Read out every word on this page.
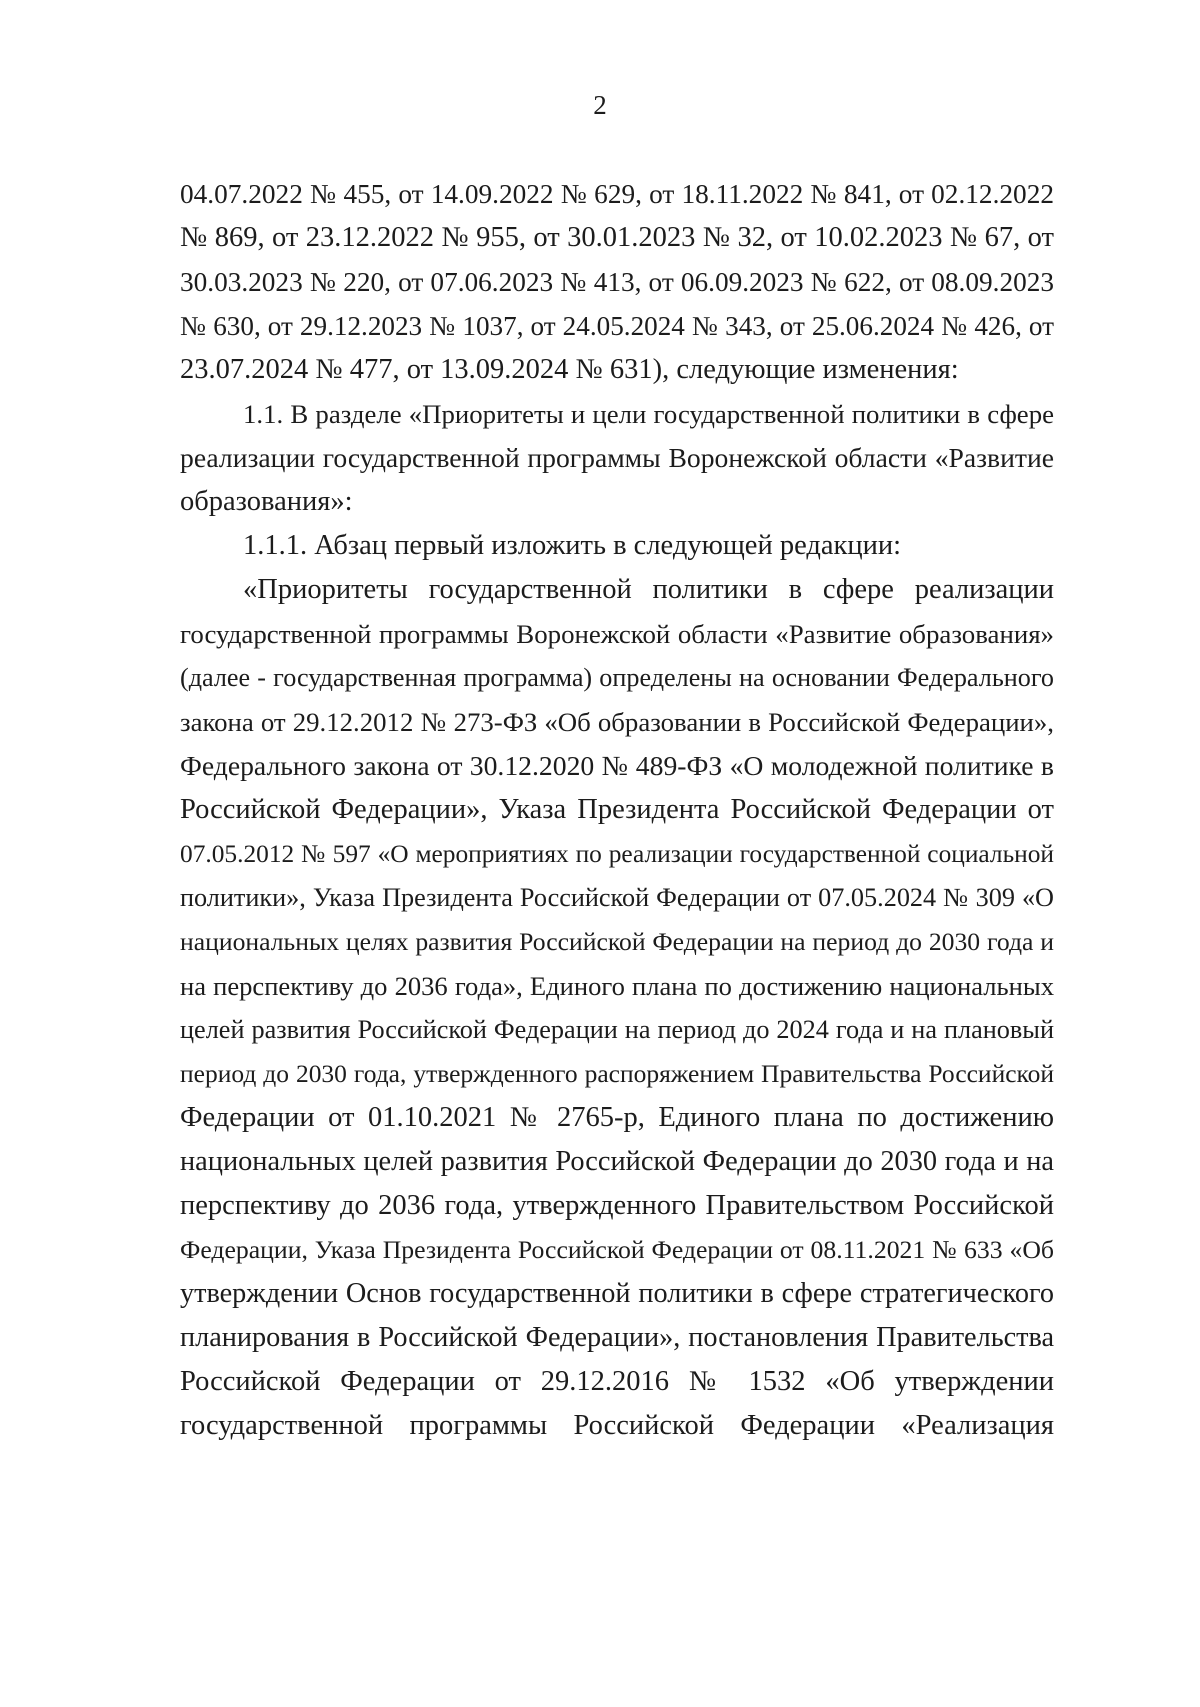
2
04.07.2022 № 455, от 14.09.2022 № 629, от 18.11.2022 № 841, от 02.12.2022
№ 869, от 23.12.2022 № 955, от 30.01.2023 № 32, от 10.02.2023 № 67, от
30.03.2023 № 220, от 07.06.2023 № 413, от 06.09.2023 № 622, от 08.09.2023
№ 630, от 29.12.2023 № 1037, от 24.05.2024 № 343, от 25.06.2024 № 426, от
23.07.2024 № 477, от 13.09.2024 № 631), следующие изменения:
1.1. В разделе «Приоритеты и цели государственной политики в сфере
реализации государственной программы Воронежской области «Развитие
образования»:
1.1.1. Абзац первый изложить в следующей редакции:
«Приоритеты государственной политики в сфере реализации
государственной программы Воронежской области «Развитие образования»
(далее - государственная программа) определены на основании Федерального
закона от 29.12.2012 № 273-ФЗ «Об образовании в Российской Федерации»,
Федерального закона от 30.12.2020 № 489-ФЗ «О молодежной политике в
Российской Федерации», Указа Президента Российской Федерации от
07.05.2012 № 597 «О мероприятиях по реализации государственной социальной
политики», Указа Президента Российской Федерации от 07.05.2024 № 309 «О
национальных целях развития Российской Федерации на период до 2030 года и
на перспективу до 2036 года», Единого плана по достижению национальных
целей развития Российской Федерации на период до 2024 года и на плановый
период до 2030 года, утвержденного распоряжением Правительства Российской
Федерации от 01.10.2021 № 2765-р, Единого плана по достижению
национальных целей развития Российской Федерации до 2030 года и на
перспективу до 2036 года, утвержденного Правительством Российской
Федерации, Указа Президента Российской Федерации от 08.11.2021 № 633 «Об
утверждении Основ государственной политики в сфере стратегического
планирования в Российской Федерации», постановления Правительства
Российской Федерации от 29.12.2016 № 1532 «Об утверждении
государственной программы Российской Федерации «Реализация
